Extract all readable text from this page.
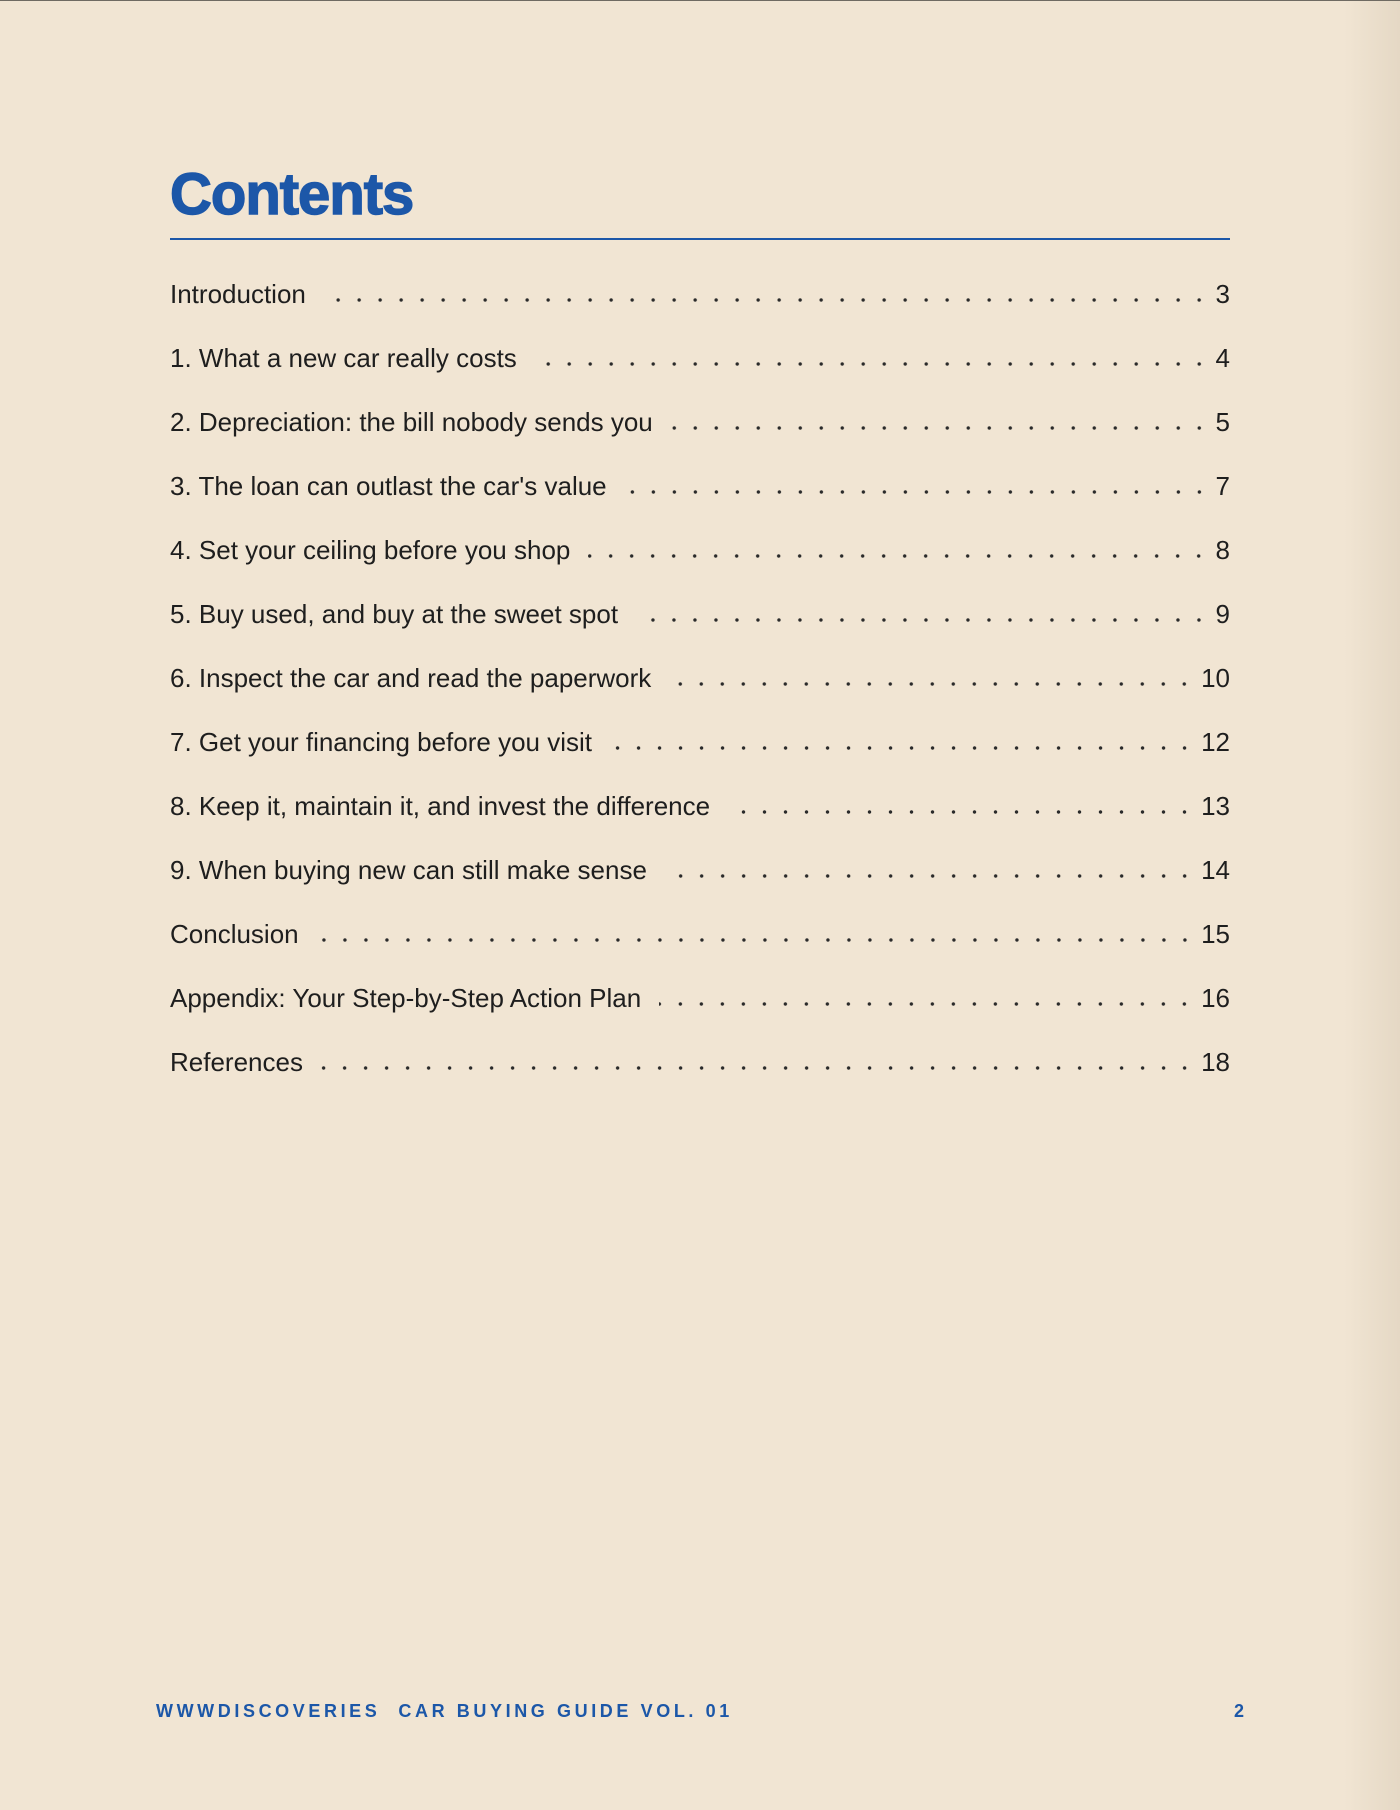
Contents
Introduction	3
1. What a new car really costs	4
2. Depreciation: the bill nobody sends you	5
3. The loan can outlast the car's value	7
4. Set your ceiling before you shop	8
5. Buy used, and buy at the sweet spot	9
6. Inspect the car and read the paperwork	10
7. Get your financing before you visit	12
8. Keep it, maintain it, and invest the difference	13
9. When buying new can still make sense	14
Conclusion	15
Appendix: Your Step-by-Step Action Plan	16
References	18
WWWDISCOVERIES CAR BUYING GUIDE VOL. 01	2
